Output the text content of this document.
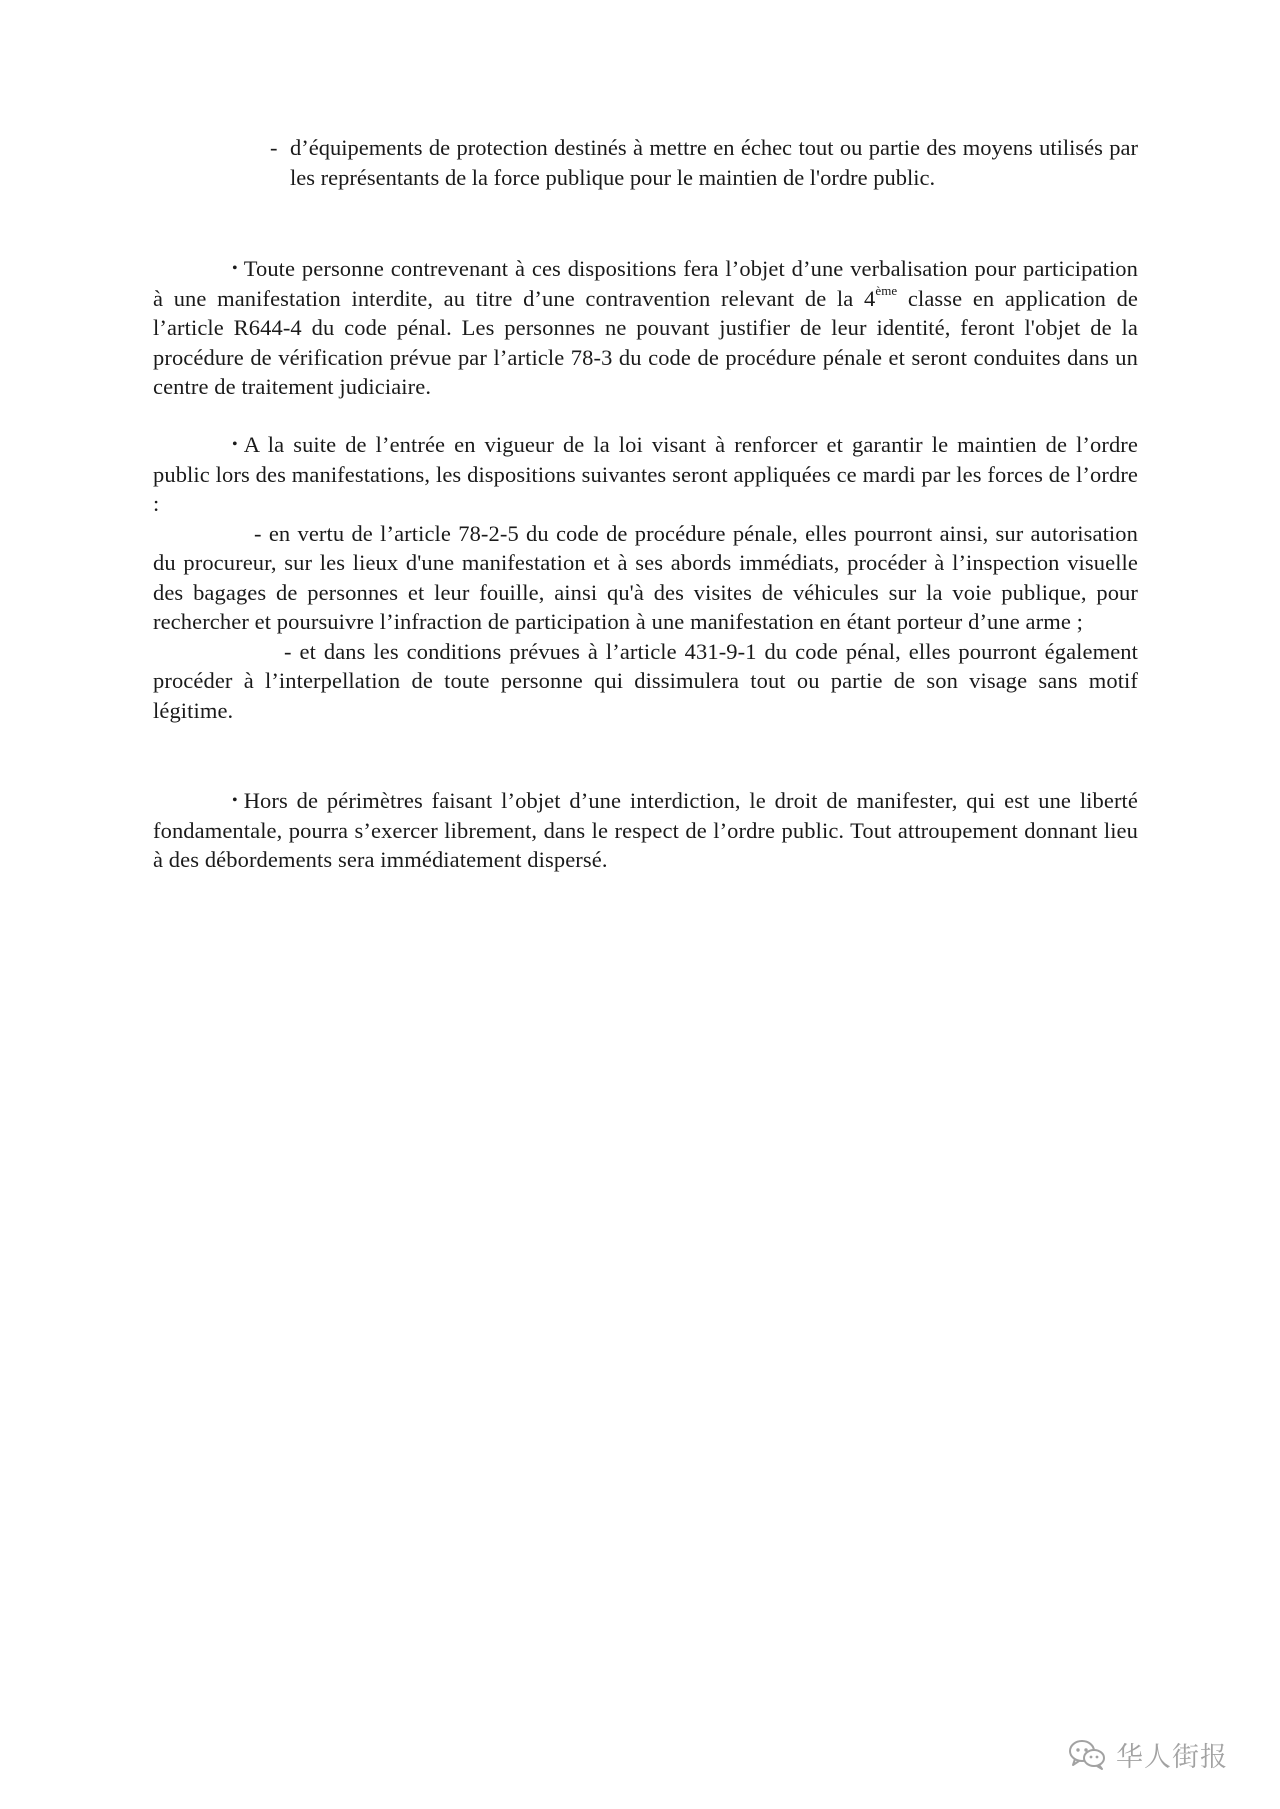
- d’équipements de protection destinés à mettre en échec tout ou partie des moyens utilisés par les représentants de la force publique pour le maintien de l'ordre public.

• Toute personne contrevenant à ces dispositions fera l’objet d’une verbalisation pour participation à une manifestation interdite, au titre d’une contravention relevant de la 4ème classe en application de l’article R644-4 du code pénal. Les personnes ne pouvant justifier de leur identité, feront l'objet de la procédure de vérification prévue par l’article 78-3 du code de procédure pénale et seront conduites dans un centre de traitement judiciaire.

• A la suite de l’entrée en vigueur de la loi visant à renforcer et garantir le maintien de l’ordre public lors des manifestations, les dispositions suivantes seront appliquées ce mardi par les forces de l’ordre :

- en vertu de l’article 78-2-5 du code de procédure pénale, elles pourront ainsi, sur autorisation du procureur, sur les lieux d'une manifestation et à ses abords immédiats, procéder à l’inspection visuelle des bagages de personnes et leur fouille, ainsi qu'à des visites de véhicules sur la voie publique, pour rechercher et poursuivre l’infraction de participation à une manifestation en étant porteur d’une arme ;

- et dans les conditions prévues à l’article 431-9-1 du code pénal, elles pourront également procéder à l’interpellation de toute personne qui dissimulera tout ou partie de son visage sans motif légitime.

• Hors de périmètres faisant l’objet d’une interdiction, le droit de manifester, qui est une liberté fondamentale, pourra s’exercer librement, dans le respect de l’ordre public. Tout attroupement donnant lieu à des débordements sera immédiatement dispersé.

华人街报
